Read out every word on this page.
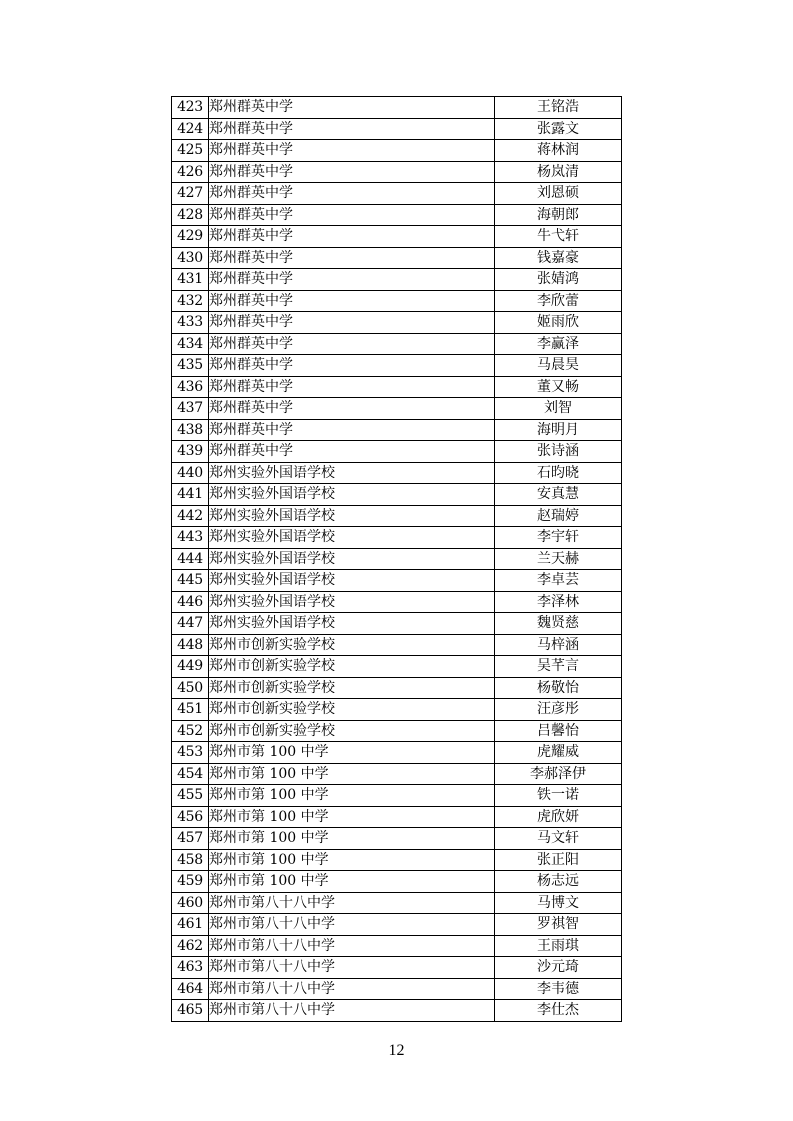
423	郑州群英中学	王铭浩
424	郑州群英中学	张露文
425	郑州群英中学	蒋林润
426	郑州群英中学	杨岚清
427	郑州群英中学	刘恩硕
428	郑州群英中学	海朝郎
429	郑州群英中学	牛弋轩
430	郑州群英中学	钱嘉豪
431	郑州群英中学	张婧鸿
432	郑州群英中学	李欣蕾
433	郑州群英中学	姬雨欣
434	郑州群英中学	李赢泽
435	郑州群英中学	马晨昊
436	郑州群英中学	董又畅
437	郑州群英中学	刘智
438	郑州群英中学	海明月
439	郑州群英中学	张诗涵
440	郑州实验外国语学校	石昀晓
441	郑州实验外国语学校	安真慧
442	郑州实验外国语学校	赵瑞婷
443	郑州实验外国语学校	李宇轩
444	郑州实验外国语学校	兰天赫
445	郑州实验外国语学校	李卓芸
446	郑州实验外国语学校	李泽林
447	郑州实验外国语学校	魏贤慈
448	郑州市创新实验学校	马梓涵
449	郑州市创新实验学校	吴芊言
450	郑州市创新实验学校	杨敬怡
451	郑州市创新实验学校	汪彦彤
452	郑州市创新实验学校	吕馨怡
453	郑州市第 100 中学	虎耀威
454	郑州市第 100 中学	李郝泽伊
455	郑州市第 100 中学	铁一诺
456	郑州市第 100 中学	虎欣妍
457	郑州市第 100 中学	马文轩
458	郑州市第 100 中学	张正阳
459	郑州市第 100 中学	杨志远
460	郑州市第八十八中学	马博文
461	郑州市第八十八中学	罗祺智
462	郑州市第八十八中学	王雨琪
463	郑州市第八十八中学	沙元琦
464	郑州市第八十八中学	李韦德
465	郑州市第八十八中学	李仕杰
12
